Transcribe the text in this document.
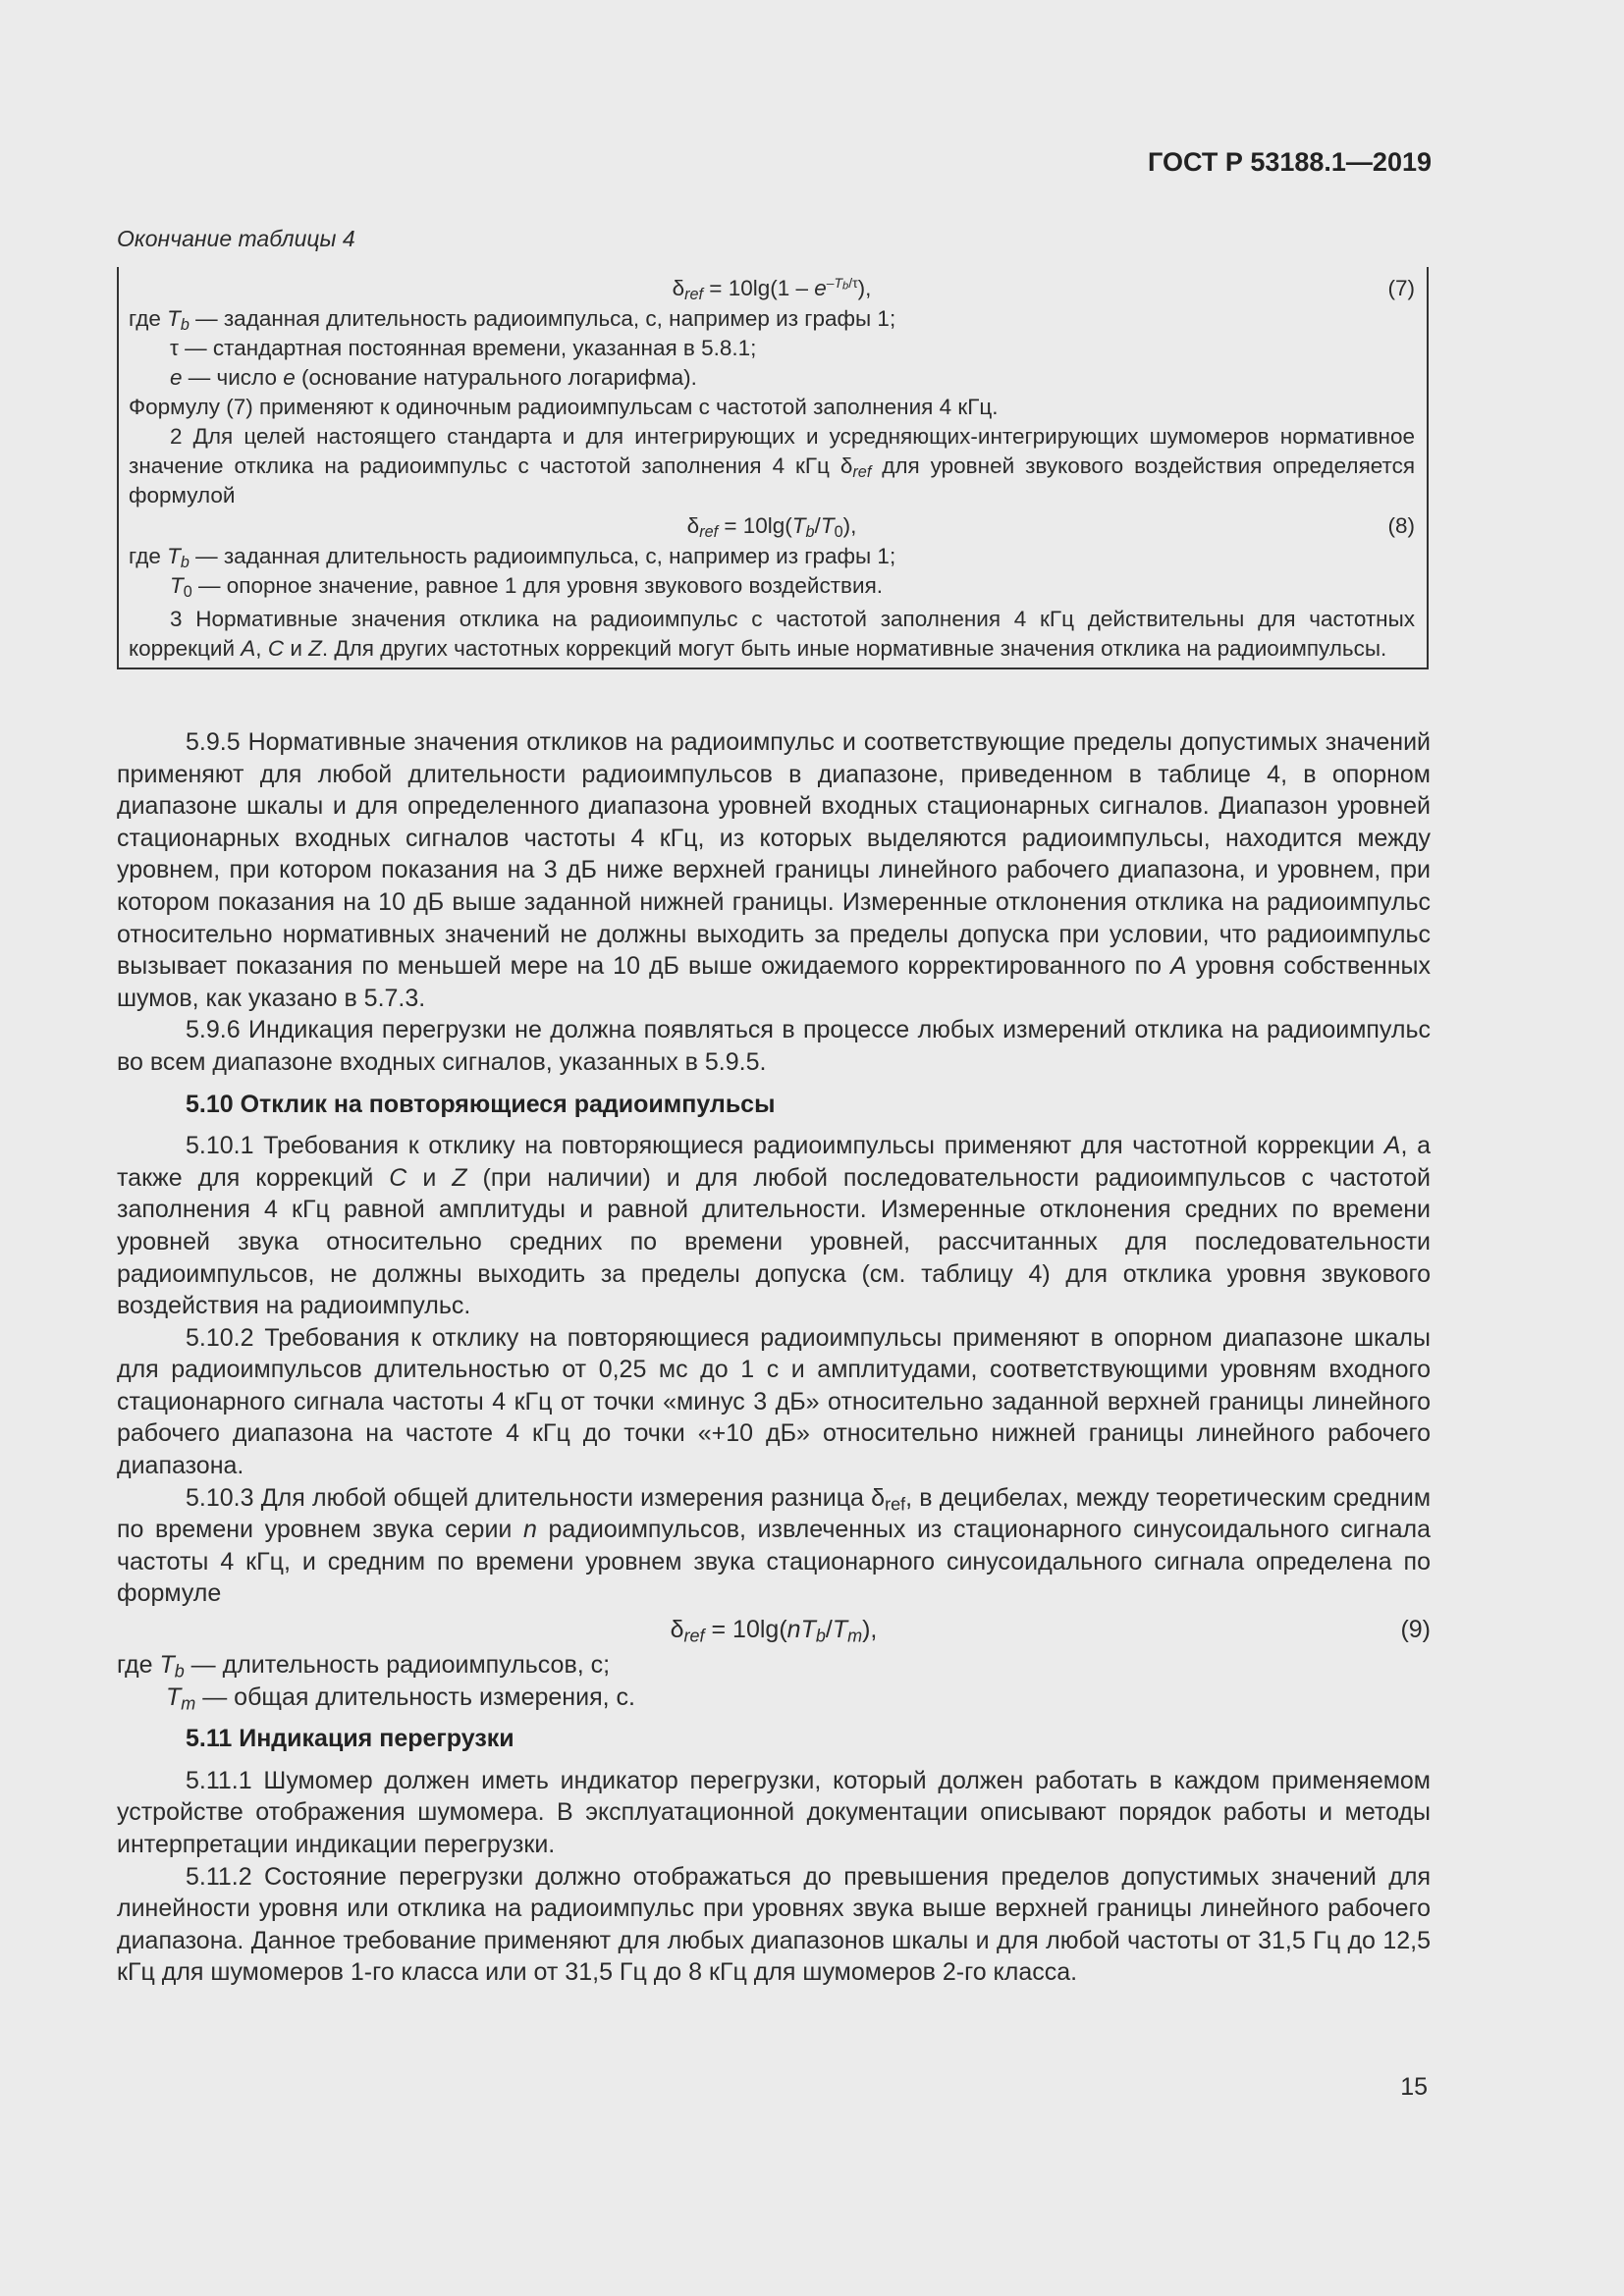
ГОСТ Р 53188.1—2019
Окончание таблицы 4
$\delta_{ref} = 10\lg(1 - e^{-T_b/\tau})$,	(7)

где $T_b$ — заданная длительность радиоимпульса, с, например из графы 1;

τ — стандартная постоянная времени, указанная в 5.8.1;

e — число e (основание натурального логарифма).

Формулу (7) применяют к одиночным радиоимпульсам с частотой заполнения 4 кГц.

2 Для целей настоящего стандарта и для интегрирующих и усредняющих-интегрирующих шумомеров нормативное значение отклика на радиоимпульс с частотой заполнения 4 кГц $\delta_{ref}$ для уровней звукового воздействия определяется формулой

$\delta_{ref} = 10\lg(T_b/T_0)$,	(8)

где $T_b$ — заданная длительность радиоимпульса, с, например из графы 1;

$T_0$ — опорное значение, равное 1 для уровня звукового воздействия.

3 Нормативные значения отклика на радиоимпульс с частотой заполнения 4 кГц действительны для частотных коррекций A, C и Z. Для других частотных коррекций могут быть иные нормативные значения отклика на радиоимпульсы.

5.9.5 Нормативные значения откликов на радиоимпульс и соответствующие пределы допустимых значений применяют для любой длительности радиоимпульсов в диапазоне, приведенном в таблице 4, в опорном диапазоне шкалы и для определенного диапазона уровней входных стационарных сигналов. Диапазон уровней стационарных входных сигналов частоты 4 кГц, из которых выделяются радиоимпульсы, находится между уровнем, при котором показания на 3 дБ ниже верхней границы линейного рабочего диапазона, и уровнем, при котором показания на 10 дБ выше заданной нижней границы. Измеренные отклонения отклика на радиоимпульс относительно нормативных значений не должны выходить за пределы допуска при условии, что радиоимпульс вызывает показания по меньшей мере на 10 дБ выше ожидаемого корректированного по A уровня собственных шумов, как указано в 5.7.3.

5.9.6 Индикация перегрузки не должна появляться в процессе любых измерений отклика на радиоимпульс во всем диапазоне входных сигналов, указанных в 5.9.5.

5.10 Отклик на повторяющиеся радиоимпульсы

5.10.1 Требования к отклику на повторяющиеся радиоимпульсы применяют для частотной коррекции A, а также для коррекций C и Z (при наличии) и для любой последовательности радиоимпульсов с частотой заполнения 4 кГц равной амплитуды и равной длительности. Измеренные отклонения средних по времени уровней звука относительно средних по времени уровней, рассчитанных для последовательности радиоимпульсов, не должны выходить за пределы допуска (см. таблицу 4) для отклика уровня звукового воздействия на радиоимпульс.

5.10.2 Требования к отклику на повторяющиеся радиоимпульсы применяют в опорном диапазоне шкалы для радиоимпульсов длительностью от 0,25 мс до 1 с и амплитудами, соответствующими уровням входного стационарного сигнала частоты 4 кГц от точки «минус 3 дБ» относительно заданной верхней границы линейного рабочего диапазона на частоте 4 кГц до точки «+10 дБ» относительно нижней границы линейного рабочего диапазона.

5.10.3 Для любой общей длительности измерения разница $\delta_{ref}$, в децибелах, между теоретическим средним по времени уровнем звука серии n радиоимпульсов, извлеченных из стационарного синусоидального сигнала частоты 4 кГц, и средним по времени уровнем звука стационарного синусоидального сигнала определена по формуле

$\delta_{ref} = 10\lg(nT_b/T_m)$,	(9)

где $T_b$ — длительность радиоимпульсов, с;

$T_m$ — общая длительность измерения, с.

5.11 Индикация перегрузки

5.11.1 Шумомер должен иметь индикатор перегрузки, который должен работать в каждом применяемом устройстве отображения шумомера. В эксплуатационной документации описывают порядок работы и методы интерпретации индикации перегрузки.

5.11.2 Состояние перегрузки должно отображаться до превышения пределов допустимых значений для линейности уровня или отклика на радиоимпульс при уровнях звука выше верхней границы линейного рабочего диапазона. Данное требование применяют для любых диапазонов шкалы и для любой частоты от 31,5 Гц до 12,5 кГц для шумомеров 1-го класса или от 31,5 Гц до 8 кГц для шумомеров 2-го класса.

15
